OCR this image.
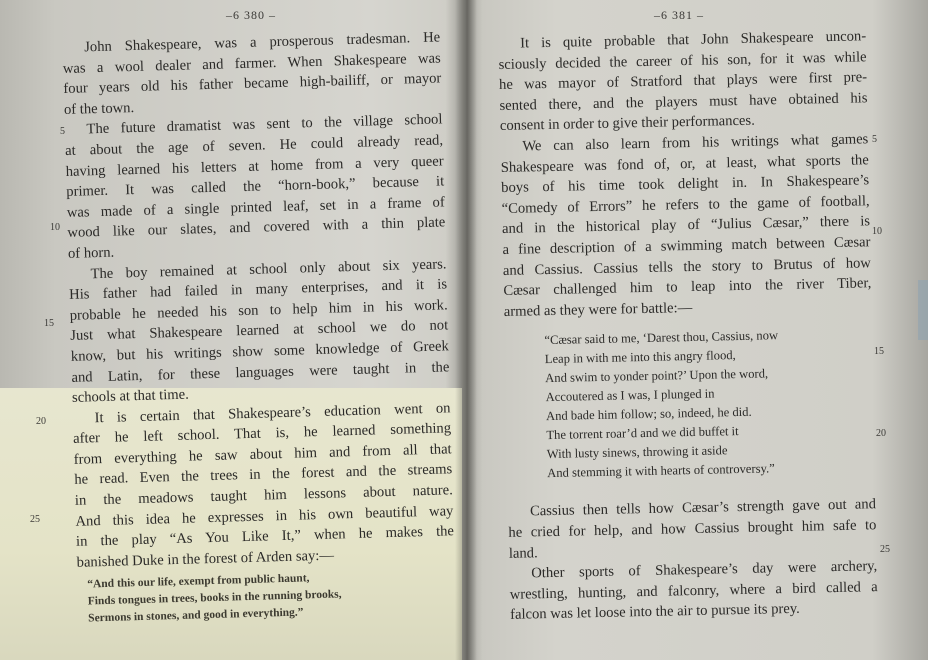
–6 380 –
5
10
15
20
25
John Shakespeare, was a prosperous tradesman. He
was a wool dealer and farmer. When Shakespeare was
four years old his father became high-bailiff, or mayor
of the town.
The future dramatist was sent to the village school
at about the age of seven. He could already read,
having learned his letters at home from a very queer
primer. It was called the “horn-book,” because it
was made of a single printed leaf, set in a frame of
wood like our slates, and covered with a thin plate
of horn.
The boy remained at school only about six years.
His father had failed in many enterprises, and it is
probable he needed his son to help him in his work.
Just what Shakespeare learned at school we do not
know, but his writings show some knowledge of Greek
and Latin, for these languages were taught in the
schools at that time.
It is certain that Shakespeare’s education went on
after he left school. That is, he learned something
from everything he saw about him and from all that
he read. Even the trees in the forest and the streams
in the meadows taught him lessons about nature.
And this idea he expresses in his own beautiful way
in the play “As You Like It,” when he makes the
banished Duke in the forest of Arden say:—
“And this our life, exempt from public haunt,
Finds tongues in trees, books in the running brooks,
Sermons in stones, and good in everything.”
–6 381 –
5
10
15
20
25
It is quite probable that John Shakespeare uncon-
sciously decided the career of his son, for it was while
he was mayor of Stratford that plays were first pre-
sented there, and the players must have obtained his
consent in order to give their performances.
We can also learn from his writings what games
Shakespeare was fond of, or, at least, what sports the
boys of his time took delight in. In Shakespeare’s
“Comedy of Errors” he refers to the game of football,
and in the historical play of “Julius Cæsar,” there is
a fine description of a swimming match between Cæsar
and Cassius. Cassius tells the story to Brutus of how
Cæsar challenged him to leap into the river Tiber,
armed as they were for battle:—
“Cæsar said to me, ‘Darest thou, Cassius, now
Leap in with me into this angry flood,
And swim to yonder point?’ Upon the word,
Accoutered as I was, I plunged in
And bade him follow; so, indeed, he did.
The torrent roar’d and we did buffet it
With lusty sinews, throwing it aside
And stemming it with hearts of controversy.”
Cassius then tells how Cæsar’s strength gave out and
he cried for help, and how Cassius brought him safe to
land.
Other sports of Shakespeare’s day were archery,
wrestling, hunting, and falconry, where a bird called a
falcon was let loose into the air to pursue its prey.
